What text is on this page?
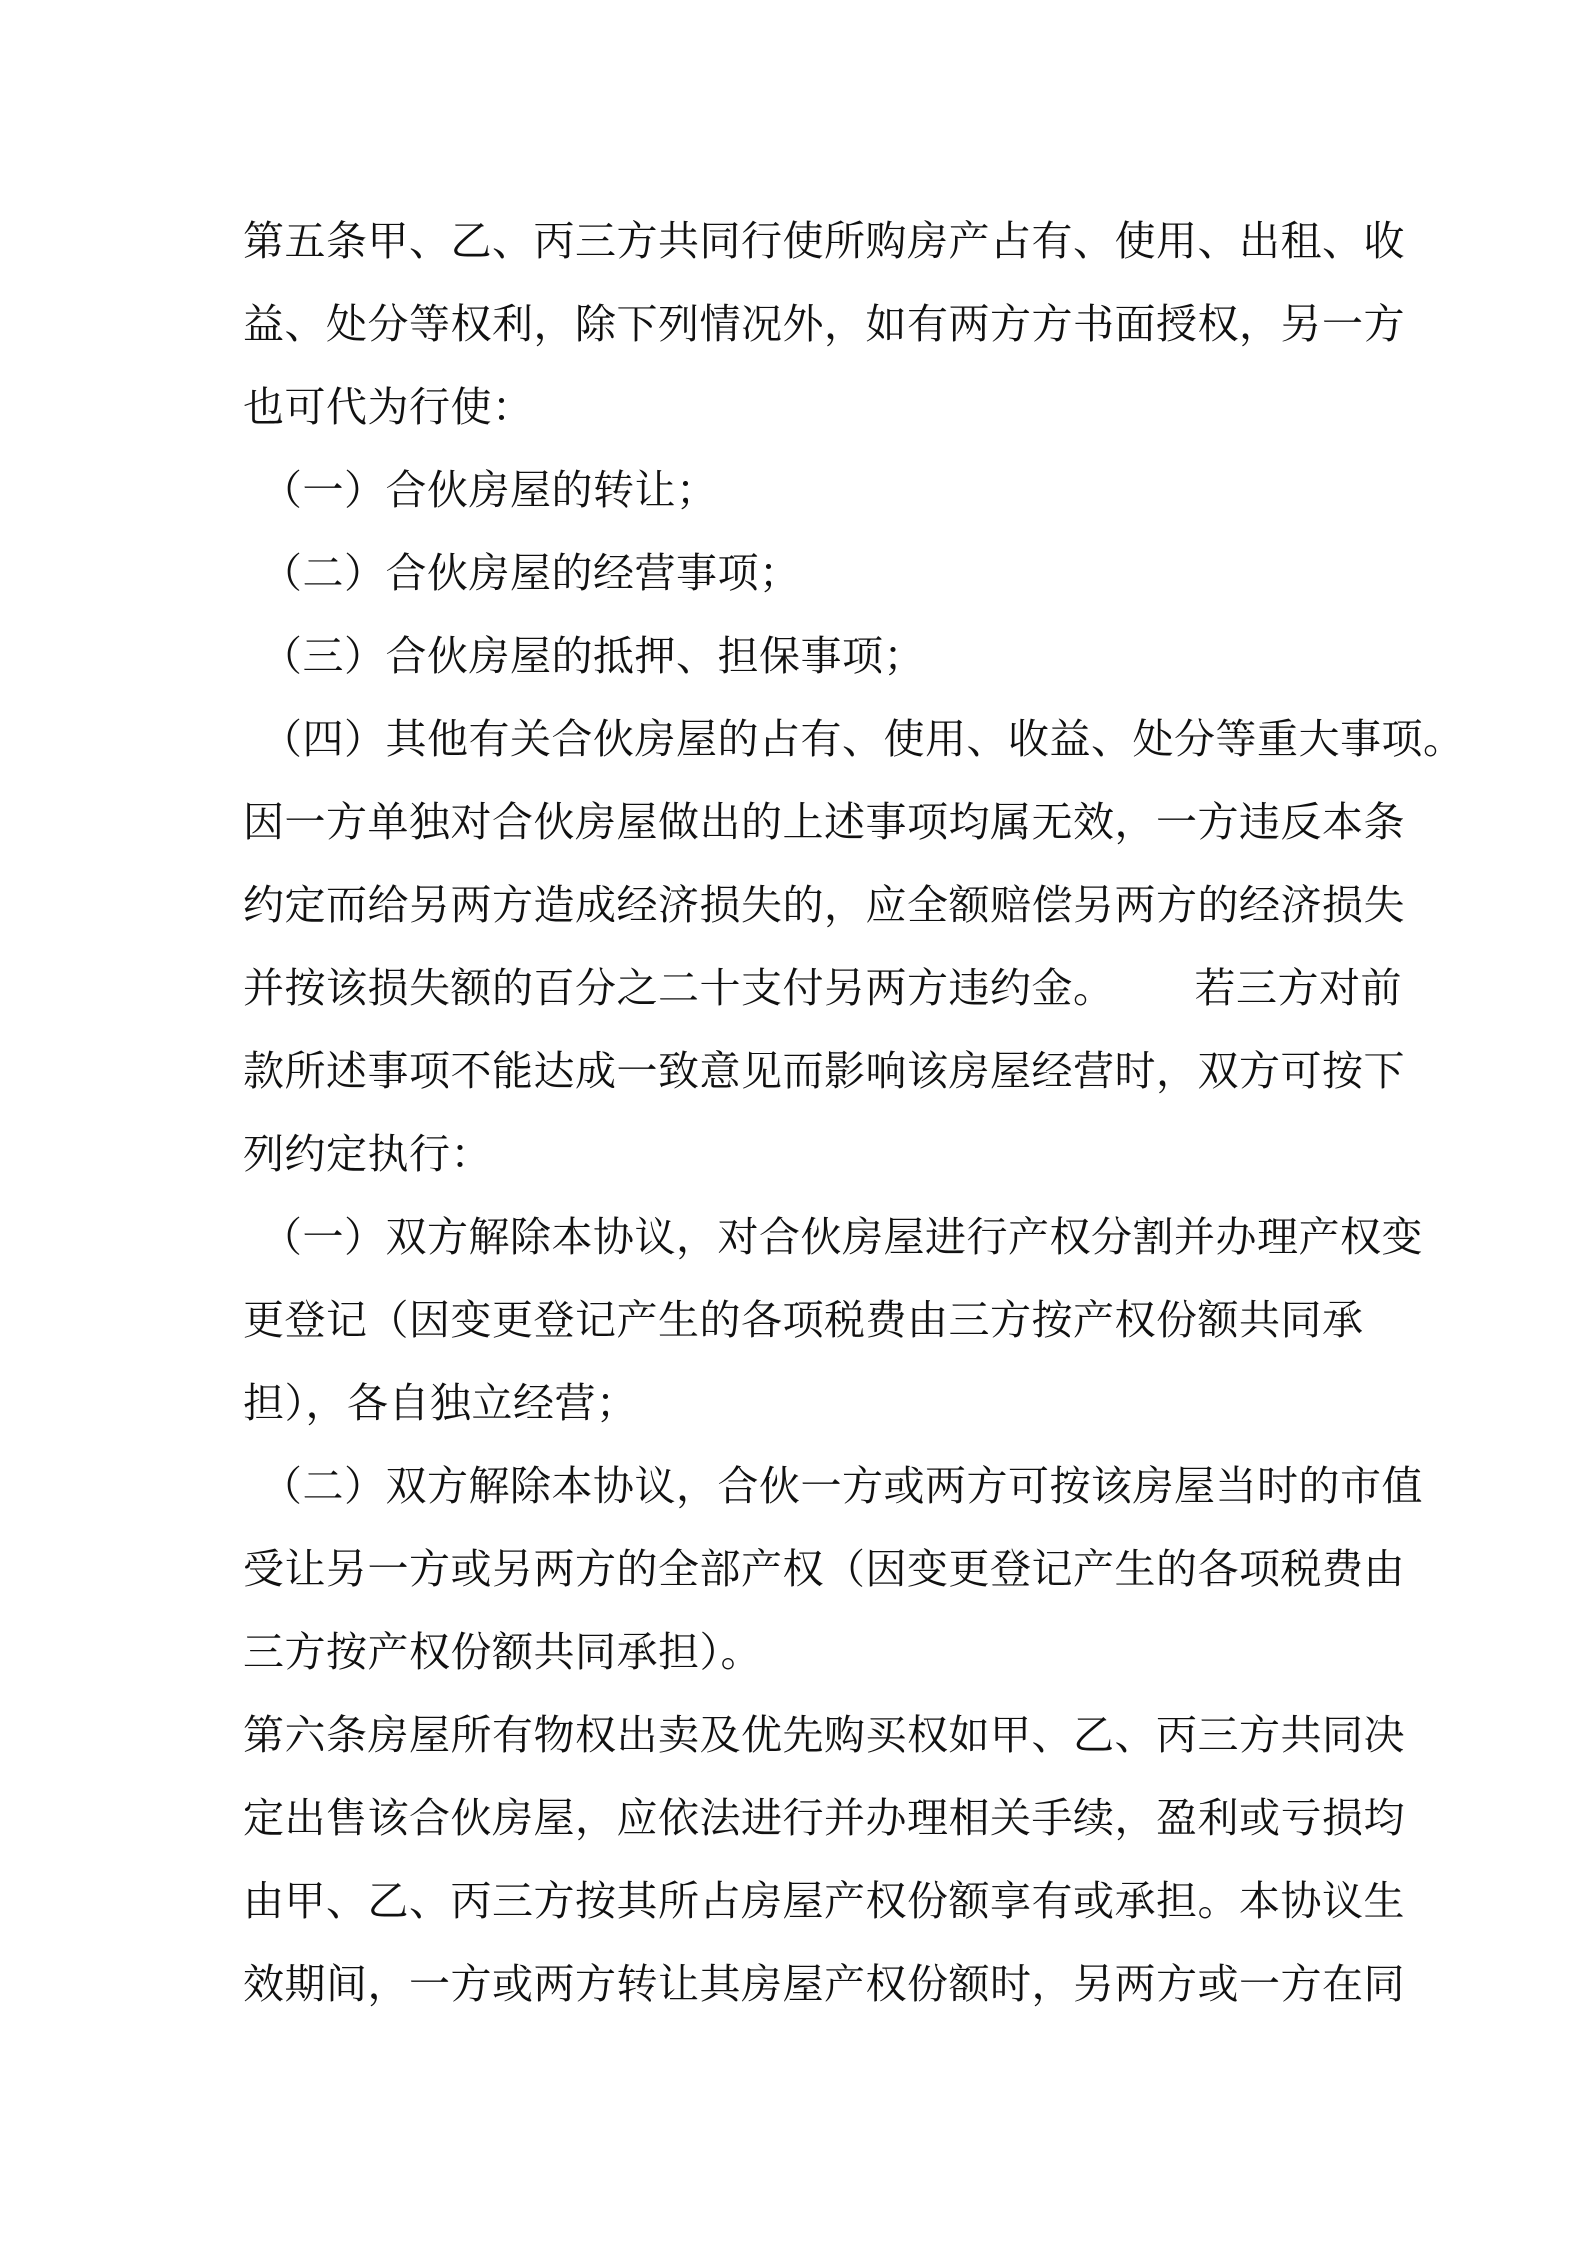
第五条甲、乙、丙三方共同行使所购房产占有、使用、出租、收
益、处分等权利，除下列情况外，如有两方方书面授权，另一方
也可代为行使：
（一）合伙房屋的转让；
（二）合伙房屋的经营事项；
（三）合伙房屋的抵押、担保事项；
（四）其他有关合伙房屋的占有、使用、收益、处分等重大事项。
因一方单独对合伙房屋做出的上述事项均属无效，一方违反本条
约定而给另两方造成经济损失的，应全额赔偿另两方的经济损失
并按该损失额的百分之二十支付另两方违约金。 若三方对前
款所述事项不能达成一致意见而影响该房屋经营时，双方可按下
列约定执行：
（一）双方解除本协议，对合伙房屋进行产权分割并办理产权变
更登记（因变更登记产生的各项税费由三方按产权份额共同承
担），各自独立经营；
（二）双方解除本协议，合伙一方或两方可按该房屋当时的市值
受让另一方或另两方的全部产权（因变更登记产生的各项税费由
三方按产权份额共同承担）。
第六条房屋所有物权出卖及优先购买权如甲、乙、丙三方共同决
定出售该合伙房屋，应依法进行并办理相关手续，盈利或亏损均
由甲、乙、丙三方按其所占房屋产权份额享有或承担。本协议生
效期间，一方或两方转让其房屋产权份额时，另两方或一方在同
